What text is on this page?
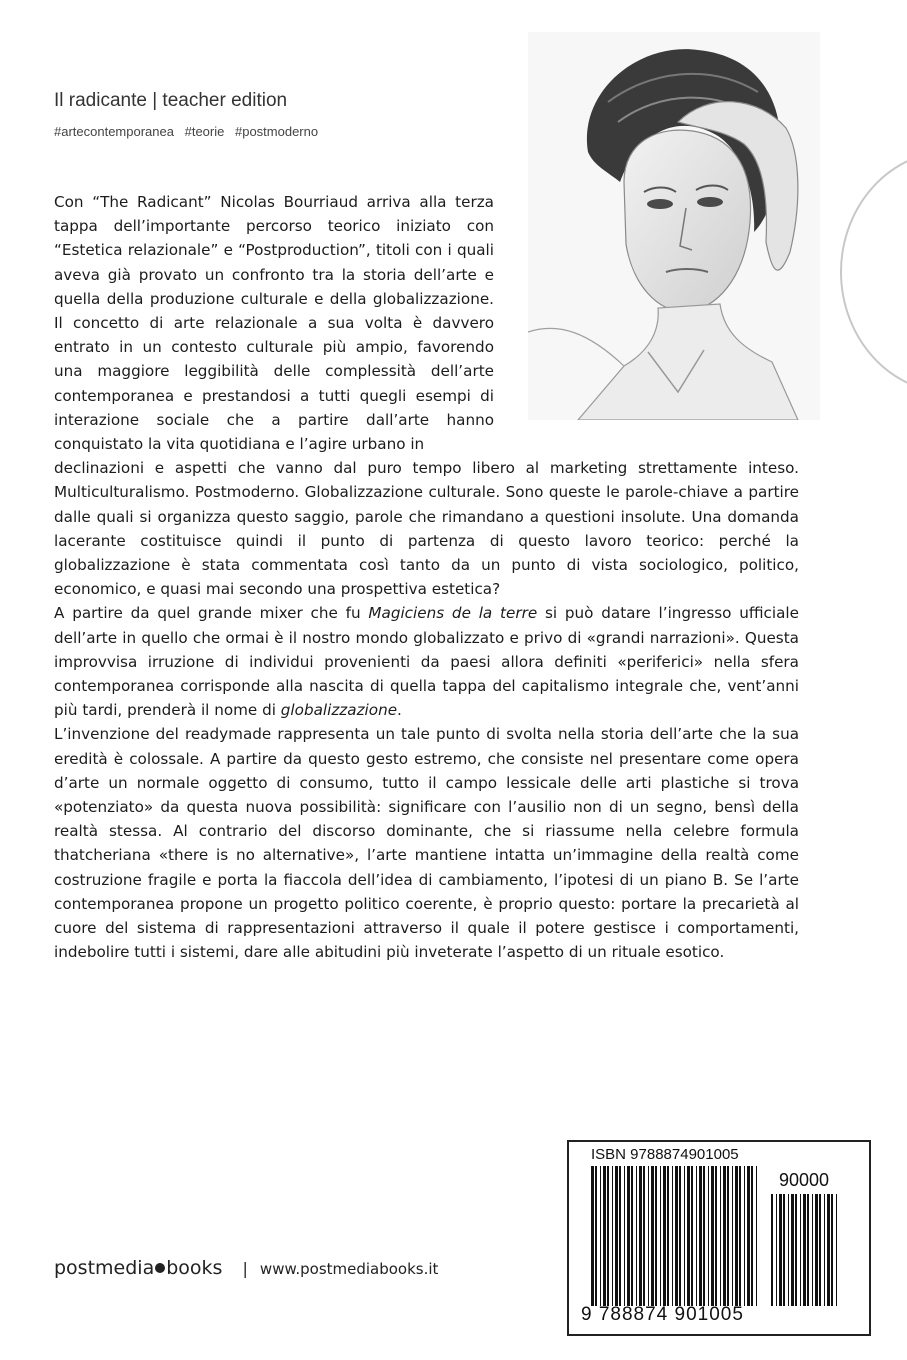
Il radicante | teacher edition
#artecontemporanea #teorie #postmoderno

Con “The Radicant” Nicolas Bourriaud arriva alla terza tappa dell’importante percorso teorico iniziato con “Estetica relazionale” e “Postproduction”, titoli con i quali aveva già provato un confronto tra la storia dell’arte e quella della produzione culturale e della globalizzazione. Il concetto di arte relazionale a sua volta è davvero entrato in un contesto culturale più ampio, favorendo una maggiore leggibilità delle complessità dell’arte contemporanea e prestandosi a tutti quegli esempi di interazione sociale che a partire dall’arte hanno conquistato la vita quotidiana e l’agire urbano in

declinazioni e aspetti che vanno dal puro tempo libero al marketing strettamente inteso. Multiculturalismo. Postmoderno. Globalizzazione culturale. Sono queste le parole-chiave a partire dalle quali si organizza questo saggio, parole che rimandano a questioni insolute. Una domanda lacerante costituisce quindi il punto di partenza di questo lavoro teorico: perché la globalizzazione è stata commentata così tanto da un punto di vista sociologico, politico, economico, e quasi mai secondo una prospettiva estetica?

A partire da quel grande mixer che fu Magiciens de la terre si può datare l’ingresso ufficiale dell’arte in quello che ormai è il nostro mondo globalizzato e privo di «grandi narrazioni». Questa improvvisa irruzione di individui provenienti da paesi allora definiti «periferici» nella sfera contemporanea corrisponde alla nascita di quella tappa del capitalismo integrale che, vent’anni più tardi, prenderà il nome di globalizzazione.

L’invenzione del readymade rappresenta un tale punto di svolta nella storia dell’arte che la sua eredità è colossale. A partire da questo gesto estremo, che consiste nel presentare come opera d’arte un normale oggetto di consumo, tutto il campo lessicale delle arti plastiche si trova «potenziato» da questa nuova possibilità: significare con l’ausilio non di un segno, bensì della realtà stessa. Al contrario del discorso dominante, che si riassume nella celebre formula thatcheriana «there is no alternative», l’arte mantiene intatta un’immagine della realtà come costruzione fragile e porta la fiaccola dell’idea di cambiamento, l’ipotesi di un piano B. Se l’arte contemporanea propone un progetto politico coerente, è proprio questo: portare la precarietà al cuore del sistema di rappresentazioni attraverso il quale il potere gestisce i comportamenti, indebolire tutti i sistemi, dare alle abitudini più inveterate l’aspetto di un rituale esotico.

postmedia books | www.postmediabooks.it
ISBN 9788874901005
90000
9 788874 901005
